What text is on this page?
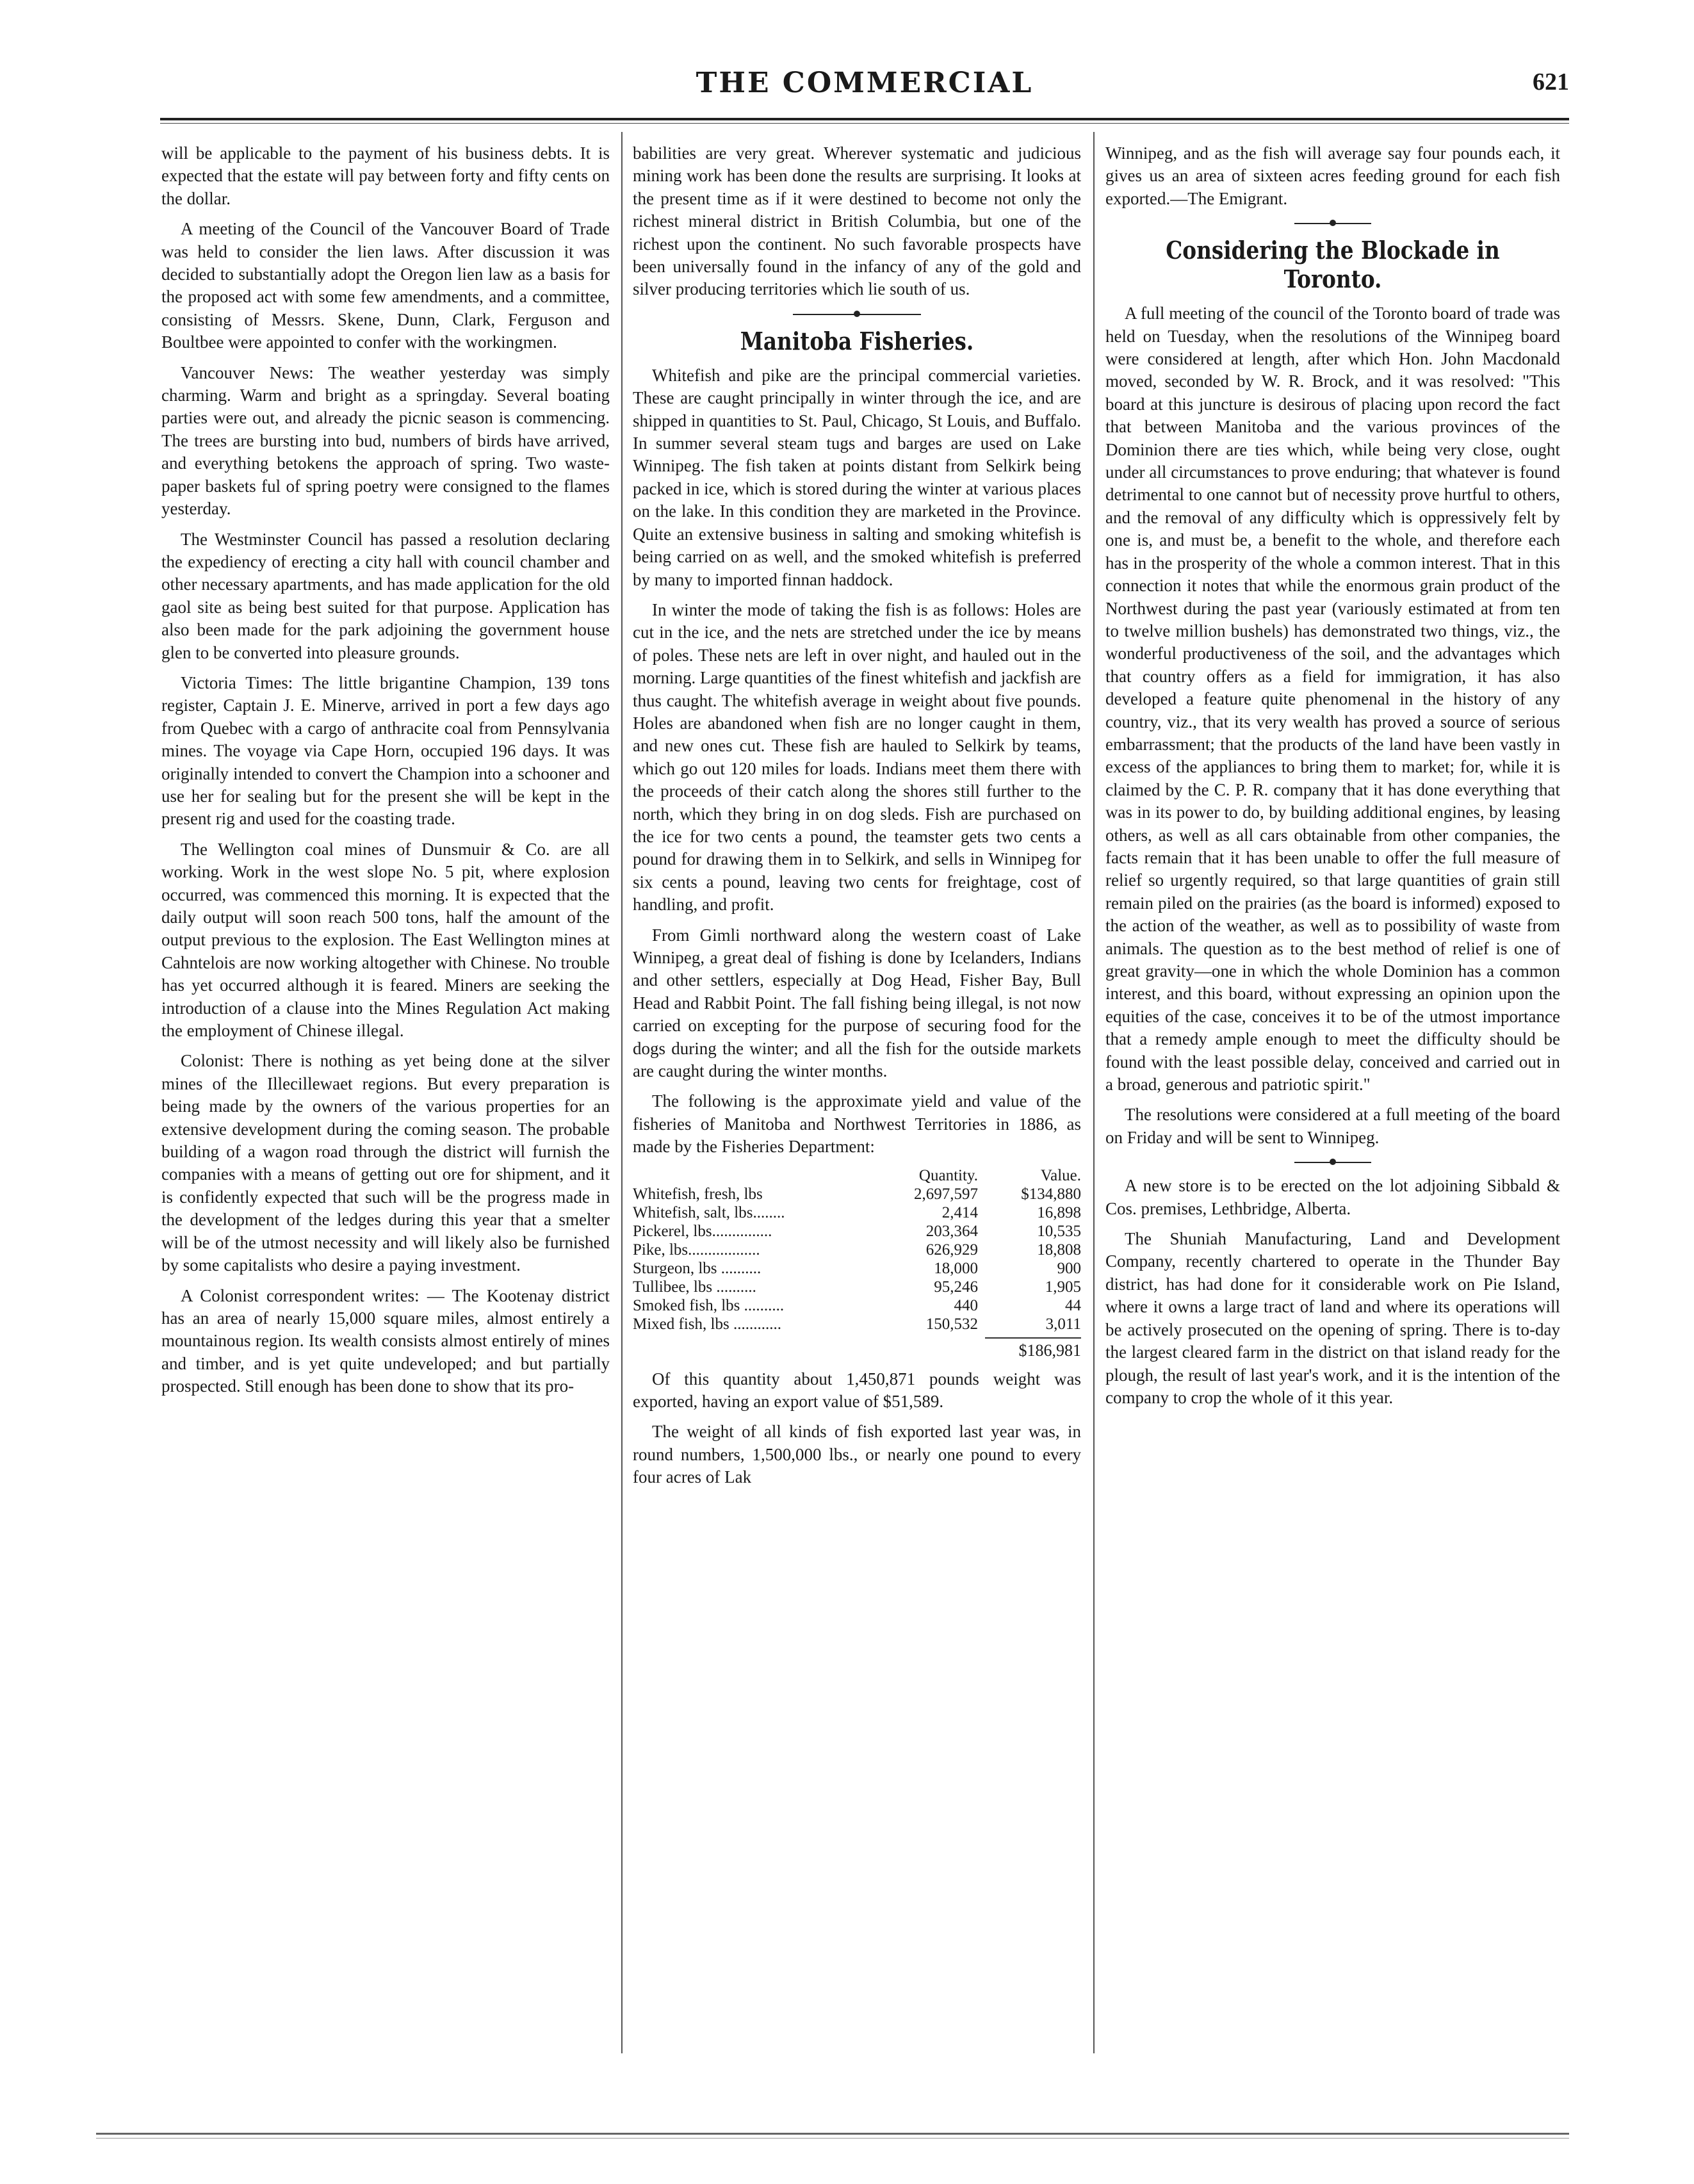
THE COMMERCIAL	621

will be applicable to the payment of his business debts. It is expected that the estate will pay between forty and fifty cents on the dollar.

A meeting of the Council of the Vancouver Board of Trade was held to consider the lien laws. After discussion it was decided to substantially adopt the Oregon lien law as a basis for the proposed act with some few amendments, and a committee, consisting of Messrs. Skene, Dunn, Clark, Ferguson and Boultbee were appointed to confer with the workingmen.

Vancouver News: The weather yesterday was simply charming. Warm and bright as a springday. Several boating parties were out, and already the picnic season is commencing. The trees are bursting into bud, numbers of birds have arrived, and everything betokens the approach of spring. Two waste-paper baskets ful of spring poetry were consigned to the flames yesterday.

The Westminster Council has passed a resolution declaring the expediency of erecting a city hall with council chamber and other necessary apartments, and has made application for the old gaol site as being best suited for that purpose. Application has also been made for the park adjoining the government house glen to be converted into pleasure grounds.

Victoria Times: The little brigantine Champion, 139 tons register, Captain J. E. Minerve, arrived in port a few days ago from Quebec with a cargo of anthracite coal from Pennsylvania mines. The voyage via Cape Horn, occupied 196 days. It was originally intended to convert the Champion into a schooner and use her for sealing but for the present she will be kept in the present rig and used for the coasting trade.

The Wellington coal mines of Dunsmuir & Co. are all working. Work in the west slope No. 5 pit, where explosion occurred, was commenced this morning. It is expected that the daily output will soon reach 500 tons, half the amount of the output previous to the explosion. The East Wellington mines at Cahntelois are now working altogether with Chinese. No trouble has yet occurred although it is feared. Miners are seeking the introduction of a clause into the Mines Regulation Act making the employment of Chinese illegal.

Colonist: There is nothing as yet being done at the silver mines of the Illecillewaet regions. But every preparation is being made by the owners of the various properties for an extensive development during the coming season. The probable building of a wagon road through the district will furnish the companies with a means of getting out ore for shipment, and it is confidently expected that such will be the progress made in the development of the ledges during this year that a smelter will be of the utmost necessity and will likely also be furnished by some capitalists who desire a paying investment.

A Colonist correspondent writes: — The Kootenay district has an area of nearly 15,000 square miles, almost entirely a mountainous region. Its wealth consists almost entirely of mines and timber, and is yet quite undeveloped; and but partially prospected. Still enough has been done to show that its pro-

babilities are very great. Wherever systematic and judicious mining work has been done the results are surprising. It looks at the present time as if it were destined to become not only the richest mineral district in British Columbia, but one of the richest upon the continent. No such favorable prospects have been universally found in the infancy of any of the gold and silver producing territories which lie south of us.

Manitoba Fisheries.

Whitefish and pike are the principal commercial varieties. These are caught principally in winter through the ice, and are shipped in quantities to St. Paul, Chicago, St Louis, and Buffalo. In summer several steam tugs and barges are used on Lake Winnipeg. The fish taken at points distant from Selkirk being packed in ice, which is stored during the winter at various places on the lake. In this condition they are marketed in the Province. Quite an extensive business in salting and smoking whitefish is being carried on as well, and the smoked whitefish is preferred by many to imported finnan haddock.

In winter the mode of taking the fish is as follows: Holes are cut in the ice, and the nets are stretched under the ice by means of poles. These nets are left in over night, and hauled out in the morning. Large quantities of the finest whitefish and jackfish are thus caught. The whitefish average in weight about five pounds. Holes are abandoned when fish are no longer caught in them, and new ones cut. These fish are hauled to Selkirk by teams, which go out 120 miles for loads. Indians meet them there with the proceeds of their catch along the shores still further to the north, which they bring in on dog sleds. Fish are purchased on the ice for two cents a pound, the teamster gets two cents a pound for drawing them in to Selkirk, and sells in Winnipeg for six cents a pound, leaving two cents for freightage, cost of handling, and profit.

From Gimli northward along the western coast of Lake Winnipeg, a great deal of fishing is done by Icelanders, Indians and other settlers, especially at Dog Head, Fisher Bay, Bull Head and Rabbit Point. The fall fishing being illegal, is not now carried on excepting for the purpose of securing food for the dogs during the winter; and all the fish for the outside markets are caught during the winter months.

The following is the approximate yield and value of the fisheries of Manitoba and Northwest Territories in 1886, as made by the Fisheries Department:

	Quantity.	Value.
Whitefish, fresh, lbs	2,697,597	$134,880
Whitefish, salt, lbs........	2,414	16,898
Pickerel, lbs...............	203,364	10,535
Pike, lbs..................	626,929	18,808
Sturgeon, lbs ..........	18,000	900
Tullibee, lbs ..........	95,246	1,905
Smoked fish, lbs ..........	440	44
Mixed fish, lbs ............	150,532	3,011
$186,981

Of this quantity about 1,450,871 pounds weight was exported, having an export value of $51,589.

The weight of all kinds of fish exported last year was, in round numbers, 1,500,000 lbs., or nearly one pound to every four acres of Lak

Winnipeg, and as the fish will average say four pounds each, it gives us an area of sixteen acres feeding ground for each fish exported.—The Emigrant.

Considering the Blockade in Toronto.

A full meeting of the council of the Toronto board of trade was held on Tuesday, when the resolutions of the Winnipeg board were considered at length, after which Hon. John Macdonald moved, seconded by W. R. Brock, and it was resolved: "This board at this juncture is desirous of placing upon record the fact that between Manitoba and the various provinces of the Dominion there are ties which, while being very close, ought under all circumstances to prove enduring; that whatever is found detrimental to one cannot but of necessity prove hurtful to others, and the removal of any difficulty which is oppressively felt by one is, and must be, a benefit to the whole, and therefore each has in the prosperity of the whole a common interest. That in this connection it notes that while the enormous grain product of the Northwest during the past year (variously estimated at from ten to twelve million bushels) has demonstrated two things, viz., the wonderful productiveness of the soil, and the advantages which that country offers as a field for immigration, it has also developed a feature quite phenomenal in the history of any country, viz., that its very wealth has proved a source of serious embarrassment; that the products of the land have been vastly in excess of the appliances to bring them to market; for, while it is claimed by the C. P. R. company that it has done everything that was in its power to do, by building additional engines, by leasing others, as well as all cars obtainable from other companies, the facts remain that it has been unable to offer the full measure of relief so urgently required, so that large quantities of grain still remain piled on the prairies (as the board is informed) exposed to the action of the weather, as well as to possibility of waste from animals. The question as to the best method of relief is one of great gravity—one in which the whole Dominion has a common interest, and this board, without expressing an opinion upon the equities of the case, conceives it to be of the utmost importance that a remedy ample enough to meet the difficulty should be found with the least possible delay, conceived and carried out in a broad, generous and patriotic spirit."

The resolutions were considered at a full meeting of the board on Friday and will be sent to Winnipeg.

A new store is to be erected on the lot adjoining Sibbald & Cos. premises, Lethbridge, Alberta.

The Shuniah Manufacturing, Land and Development Company, recently chartered to operate in the Thunder Bay district, has had done for it considerable work on Pie Island, where it owns a large tract of land and where its operations will be actively prosecuted on the opening of spring. There is to-day the largest cleared farm in the district on that island ready for the plough, the result of last year's work, and it is the intention of the company to crop the whole of it this year.
